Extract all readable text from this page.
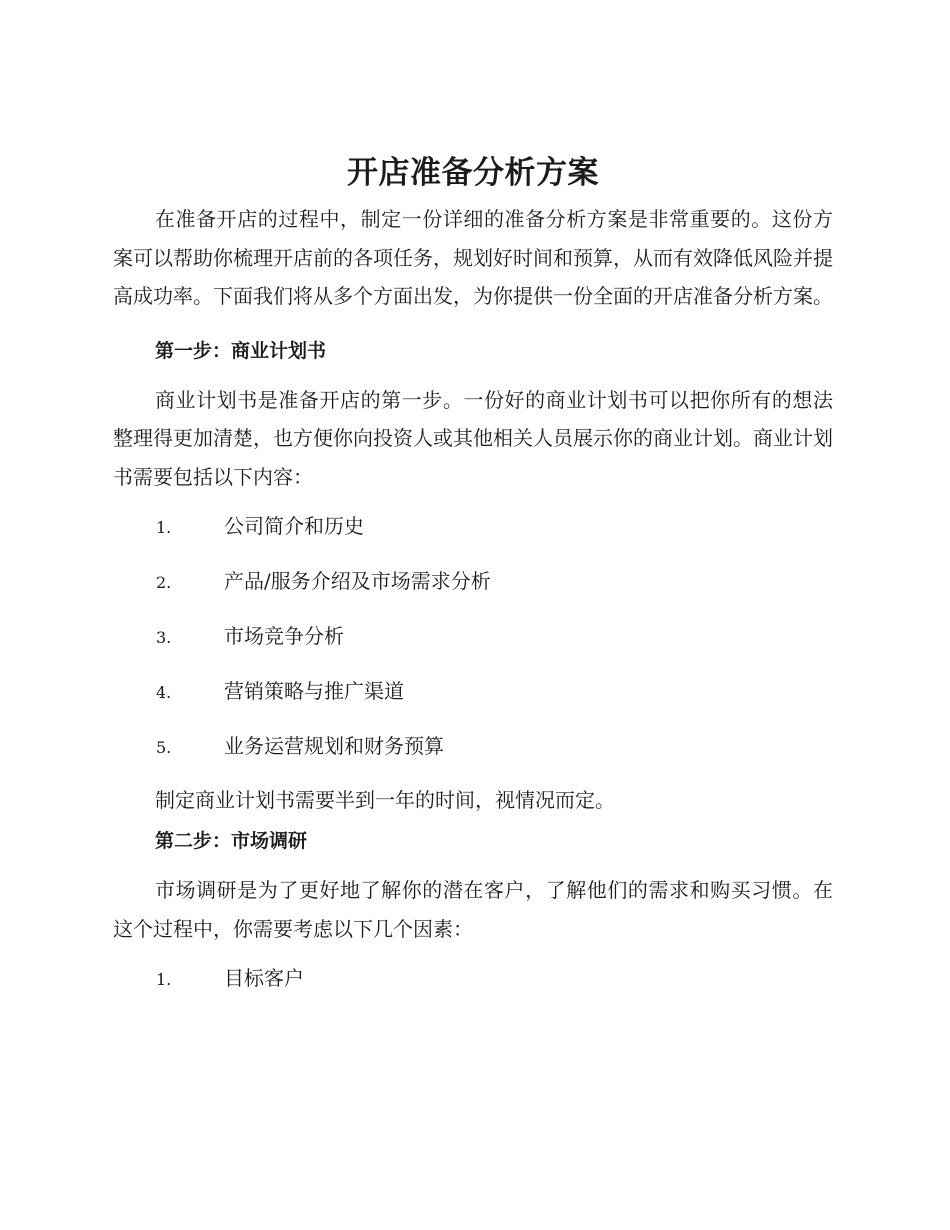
开店准备分析方案

在准备开店的过程中，制定一份详细的准备分析方案是非常重要的。这份方案可以帮助你梳理开店前的各项任务，规划好时间和预算，从而有效降低风险并提高成功率。下面我们将从多个方面出发，为你提供一份全面的开店准备分析方案。

第一步：商业计划书

商业计划书是准备开店的第一步。一份好的商业计划书可以把你所有的想法整理得更加清楚，也方便你向投资人或其他相关人员展示你的商业计划。商业计划书需要包括以下内容：

1.	公司简介和历史
2.	产品/服务介绍及市场需求分析
3.	市场竞争分析
4.	营销策略与推广渠道
5.	业务运营规划和财务预算

制定商业计划书需要半到一年的时间，视情况而定。

第二步：市场调研

市场调研是为了更好地了解你的潜在客户，了解他们的需求和购买习惯。在这个过程中，你需要考虑以下几个因素：

1.	目标客户
